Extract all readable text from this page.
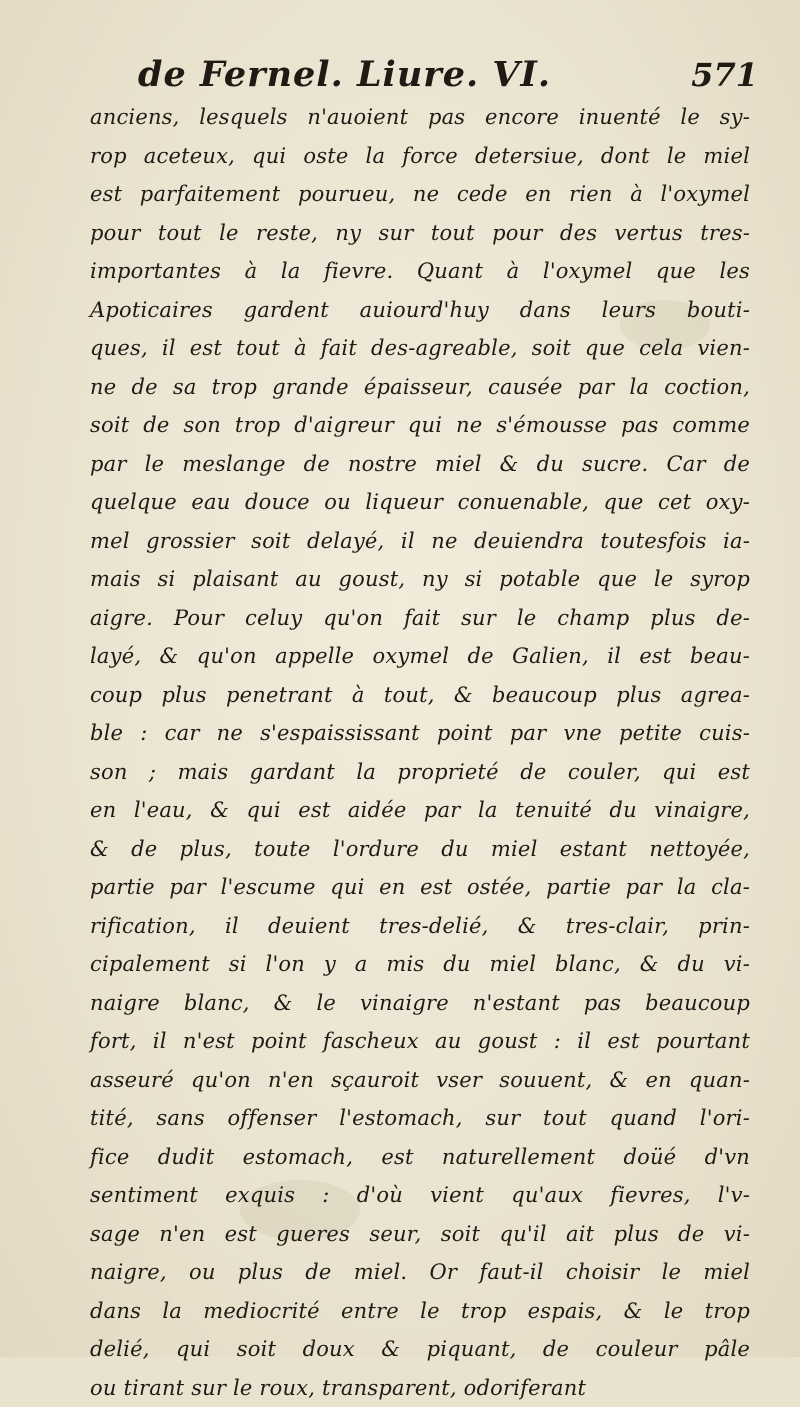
de Fernel. Liure. VI.	571
anciens, lesquels n'auoient pas encore inuenté le sy-
rop aceteux, qui oste la force detersiue, dont le miel
est parfaitement pourueu, ne cede en rien à l'oxymel
pour tout le reste, ny sur tout pour des vertus tres-
importantes à la fievre. Quant à l'oxymel que les
Apoticaires gardent auiourd'huy dans leurs bouti-
ques, il est tout à fait des-agreable, soit que cela vien-
ne de sa trop grande épaisseur, causée par la coction,
soit de son trop d'aigreur qui ne s'émousse pas comme
par le meslange de nostre miel & du sucre. Car de
quelque eau douce ou liqueur conuenable, que cet oxy-
mel grossier soit delayé, il ne deuiendra toutesfois ia-
mais si plaisant au goust, ny si potable que le syrop
aigre. Pour celuy qu'on fait sur le champ plus de-
layé, & qu'on appelle oxymel de Galien, il est beau-
coup plus penetrant à tout, & beaucoup plus agrea-
ble : car ne s'espaississant point par vne petite cuis-
son ; mais gardant la proprieté de couler, qui est
en l'eau, & qui est aidée par la tenuité du vinaigre,
& de plus, toute l'ordure du miel estant nettoyée,
partie par l'escume qui en est ostée, partie par la cla-
rification, il deuient tres-delié, & tres-clair, prin-
cipalement si l'on y a mis du miel blanc, & du vi-
naigre blanc, & le vinaigre n'estant pas beaucoup
fort, il n'est point fascheux au goust : il est pourtant
asseuré qu'on n'en sçauroit vser souuent, & en quan-
tité, sans offenser l'estomach, sur tout quand l'ori-
fice dudit estomach, est naturellement doüé d'vn
sentiment exquis : d'où vient qu'aux fievres, l'v-
sage n'en est gueres seur, soit qu'il ait plus de vi-
naigre, ou plus de miel. Or faut-il choisir le miel
dans la mediocrité entre le trop espais, & le trop
delié, qui soit doux & piquant, de couleur pâle
ou tirant sur le roux, transparent, odoriferant
